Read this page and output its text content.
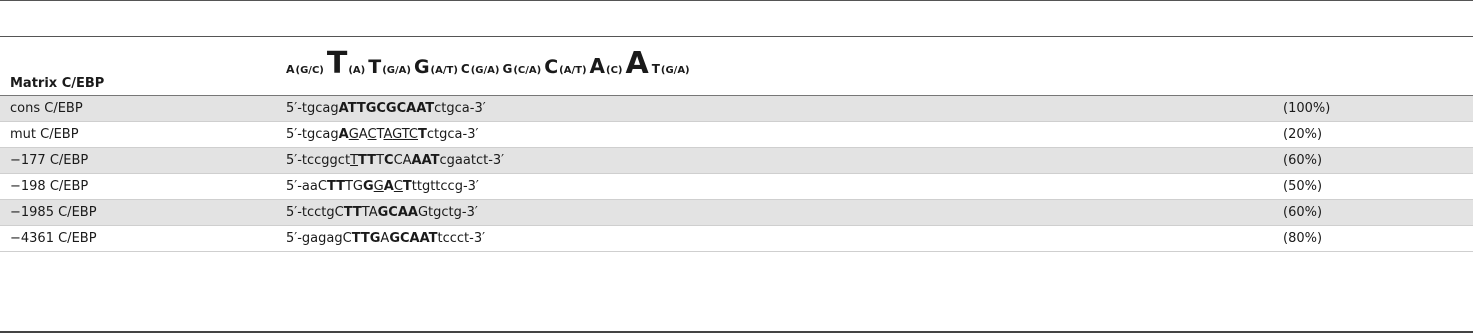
Matrix C/EBP
A (G/C) T (A) T (G/A) G (A/T) C (G/A) G (C/A) C (A/T) A (C) A T (G/A)
cons C/EBP	5′-tgcagATTGCGCAATctgca-3′	(100%)
mut C/EBP	5′-tgcagAGACTAGTCTctgca-3′	(20%)
−177 C/EBP	5′-tccggctTTTTCCAAATcgaatct-3′	(60%)
−198 C/EBP	5′-aaCTTTGGGACTttgttccg-3′	(50%)
−1985 C/EBP	5′-tcctgCTTTAGCAAGtgctg-3′	(60%)
−4361 C/EBP	5′-gagagCTTGAGCAATtccct-3′	(80%)
